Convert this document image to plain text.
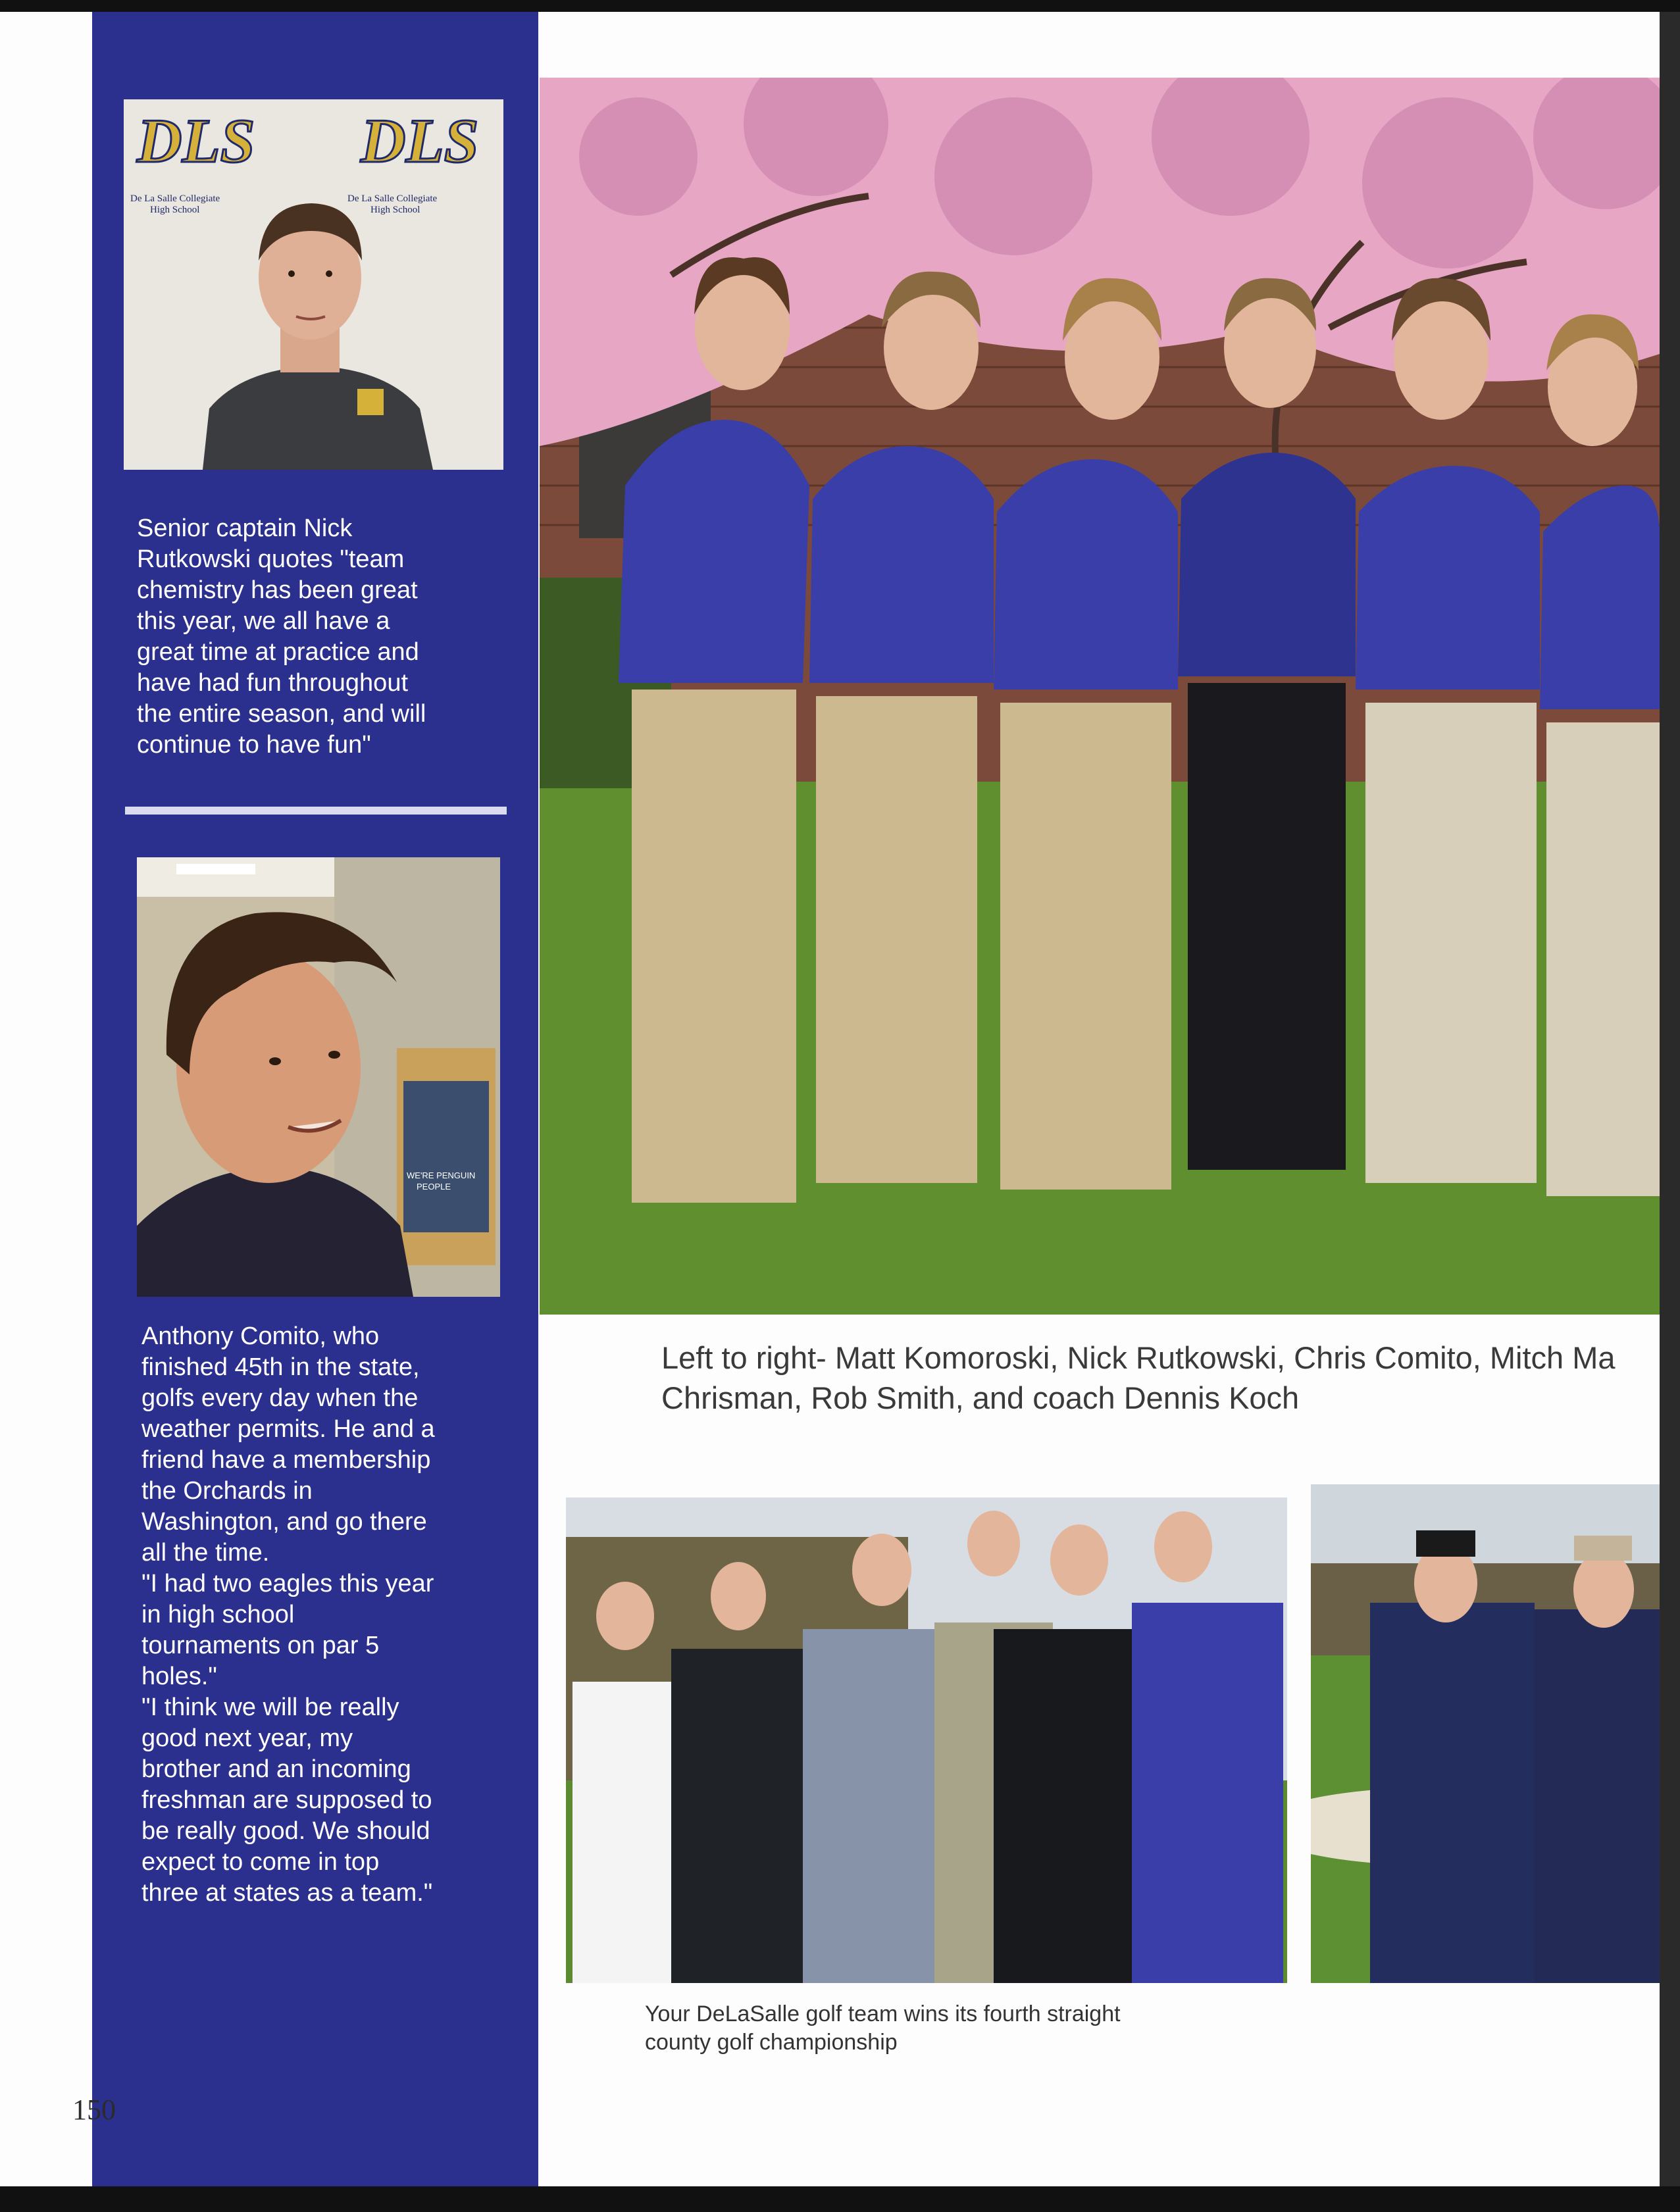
DLS
De La Salle Collegiate
High School
DLS
De La Salle Collegiate
High School

Senior captain Nick
Rutkowski quotes "team
chemistry has been great
this year, we all have a
great time at practice and
have had fun throughout
the entire season, and will
continue to have fun"

WE'RE PENGUIN
PEOPLE

Anthony Comito, who
finished 45th in the state,
golfs every day when the
weather permits. He and a
friend have a membership
the Orchards in
Washington, and go there
all the time.
"I had two eagles this year
in high school
tournaments on par 5
holes."
"I think we will be really
good next year, my
brother and an incoming
freshman are supposed to
be really good. We should
expect to come in top
three at states as a team."

Left to right- Matt Komoroski, Nick Rutkowski, Chris Comito, Mitch Ma
Chrisman, Rob Smith, and coach Dennis Koch
Your DeLaSalle golf team wins its fourth straight
county golf championship
150
